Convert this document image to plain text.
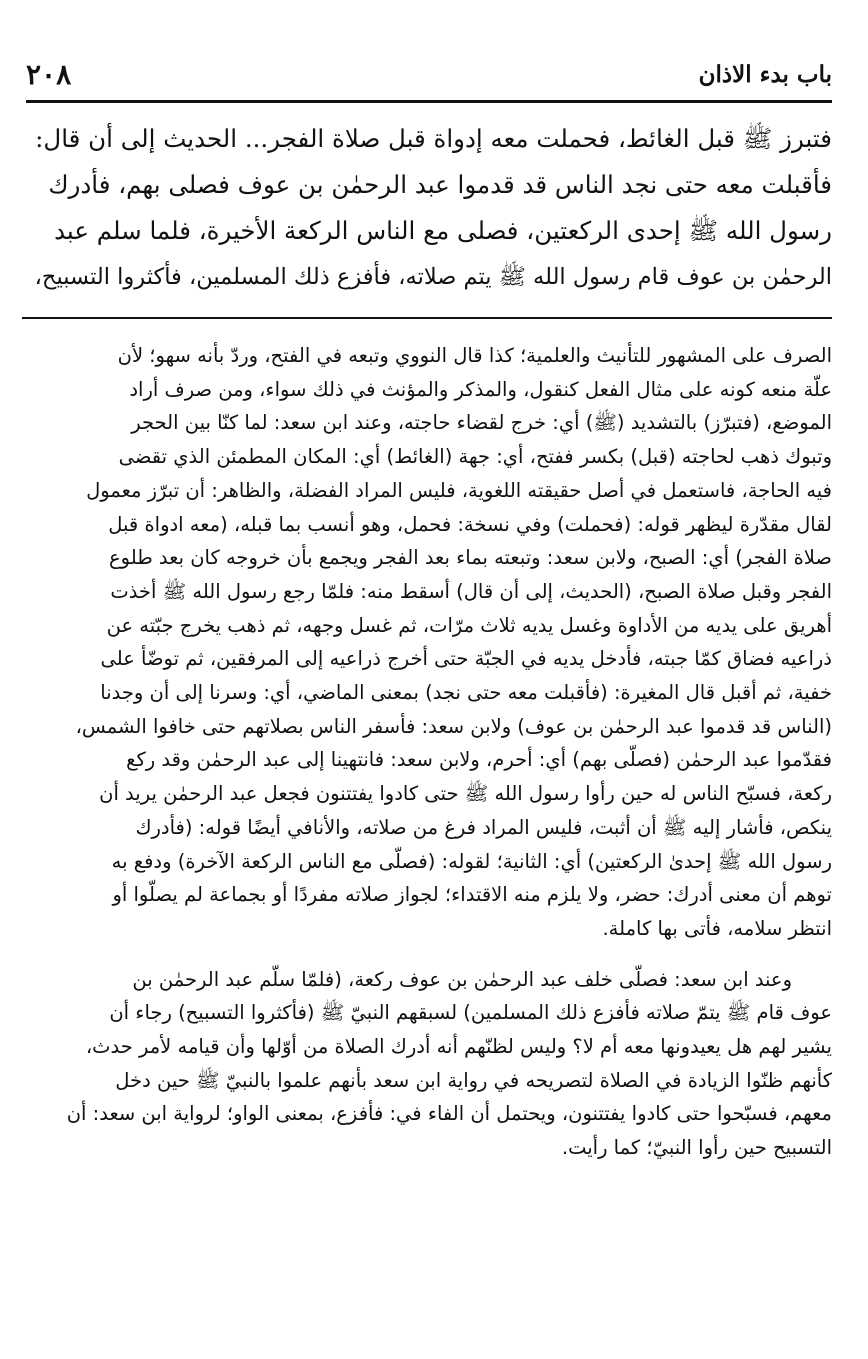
باب بدء الاذان
٢٠٨

فتبرز ﷺ قبل الغائط، فحملت معه إدواة قبل صلاة الفجر... الحديث إلى أن قال:

فأقبلت معه حتى نجد الناس قد قدموا عبد الرحمٰن بن عوف فصلى بهم، فأدرك

رسول الله ﷺ إحدى الركعتين، فصلى مع الناس الركعة الأخيرة، فلما سلم عبد

الرحمٰن بن عوف قام رسول الله ﷺ يتم صلاته، فأفزع ذلك المسلمين، فأكثروا التسبيح،

الصرف على المشهور للتأنيث والعلمية؛ كذا قال النووي وتبعه في الفتح، وردّ بأنه سهو؛ لأن
علّة منعه كونه على مثال الفعل كنقول، والمذكر والمؤنث في ذلك سواء، ومن صرف أراد
الموضع، (فتبرّز) بالتشديد (ﷺ) أي: خرج لقضاء حاجته، وعند ابن سعد: لما كنّا بين الحجر
وتبوك ذهب لحاجته (قبل) بكسر ففتح، أي: جهة (الغائط) أي: المكان المطمئن الذي تقضى
فيه الحاجة، فاستعمل في أصل حقيقته اللغوية، فليس المراد الفضلة، والظاهر: أن تبرّز معمول
لقال مقدّرة ليظهر قوله: (فحملت) وفي نسخة: فحمل، وهو أنسب بما قبله، (معه ادواة قبل
صلاة الفجر) أي: الصبح، ولابن سعد: وتبعته بماء بعد الفجر ويجمع بأن خروجه كان بعد طلوع
الفجر وقبل صلاة الصبح، (الحديث، إلى أن قال) أسقط منه: فلمّا رجع رسول الله ﷺ أخذت
أهريق على يديه من الأداوة وغسل يديه ثلاث مرّات، ثم غسل وجهه، ثم ذهب يخرج جبّته عن
ذراعيه فضاق كمّا جبته، فأدخل يديه في الجبّة حتى أخرج ذراعيه إلى المرفقين، ثم توضّأ على
خفية، ثم أقبل قال المغيرة: (فأقبلت معه حتى نجد) بمعنى الماضي، أي: وسرنا إلى أن وجدنا
(الناس قد قدموا عبد الرحمٰن بن عوف) ولابن سعد: فأسفر الناس بصلاتهم حتى خافوا الشمس،
فقدّموا عبد الرحمٰن (فصلّى بهم) أي: أحرم، ولابن سعد: فانتهينا إلى عبد الرحمٰن وقد ركع
ركعة، فسبّح الناس له حين رأوا رسول الله ﷺ حتى كادوا يفتتنون فجعل عبد الرحمٰن يريد أن
ينكص، فأشار إليه ﷺ أن أثبت، فليس المراد فرغ من صلاته، والأنافي أيضًا قوله: (فأدرك
رسول الله ﷺ إحدىٰ الركعتين) أي: الثانية؛ لقوله: (فصلّى مع الناس الركعة الآخرة) ودفع به
توهم أن معنى أدرك: حضر، ولا يلزم منه الاقتداء؛ لجواز صلاته مفردًا أو بجماعة لم يصلّوا أو
انتظر سلامه، فأتى بها كاملة.
وعند ابن سعد: فصلّى خلف عبد الرحمٰن بن عوف ركعة، (فلمّا سلّم عبد الرحمٰن بن
عوف قام ﷺ يتمّ صلاته فأفزع ذلك المسلمين) لسبقهم النبيّ ﷺ (فأكثروا التسبيح) رجاء أن
يشير لهم هل يعيدونها معه أم لا؟ وليس لظنّهم أنه أدرك الصلاة من أوّلها وأن قيامه لأمر حدث،
كأنهم ظنّوا الزيادة في الصلاة لتصريحه في رواية ابن سعد بأنهم علموا بالنبيّ ﷺ حين دخل
معهم، فسبّحوا حتى كادوا يفتتنون، ويحتمل أن الفاء في: فأفزع، بمعنى الواو؛ لرواية ابن سعد: أن
التسبيح حين رأوا النبيّ؛ كما رأيت.
